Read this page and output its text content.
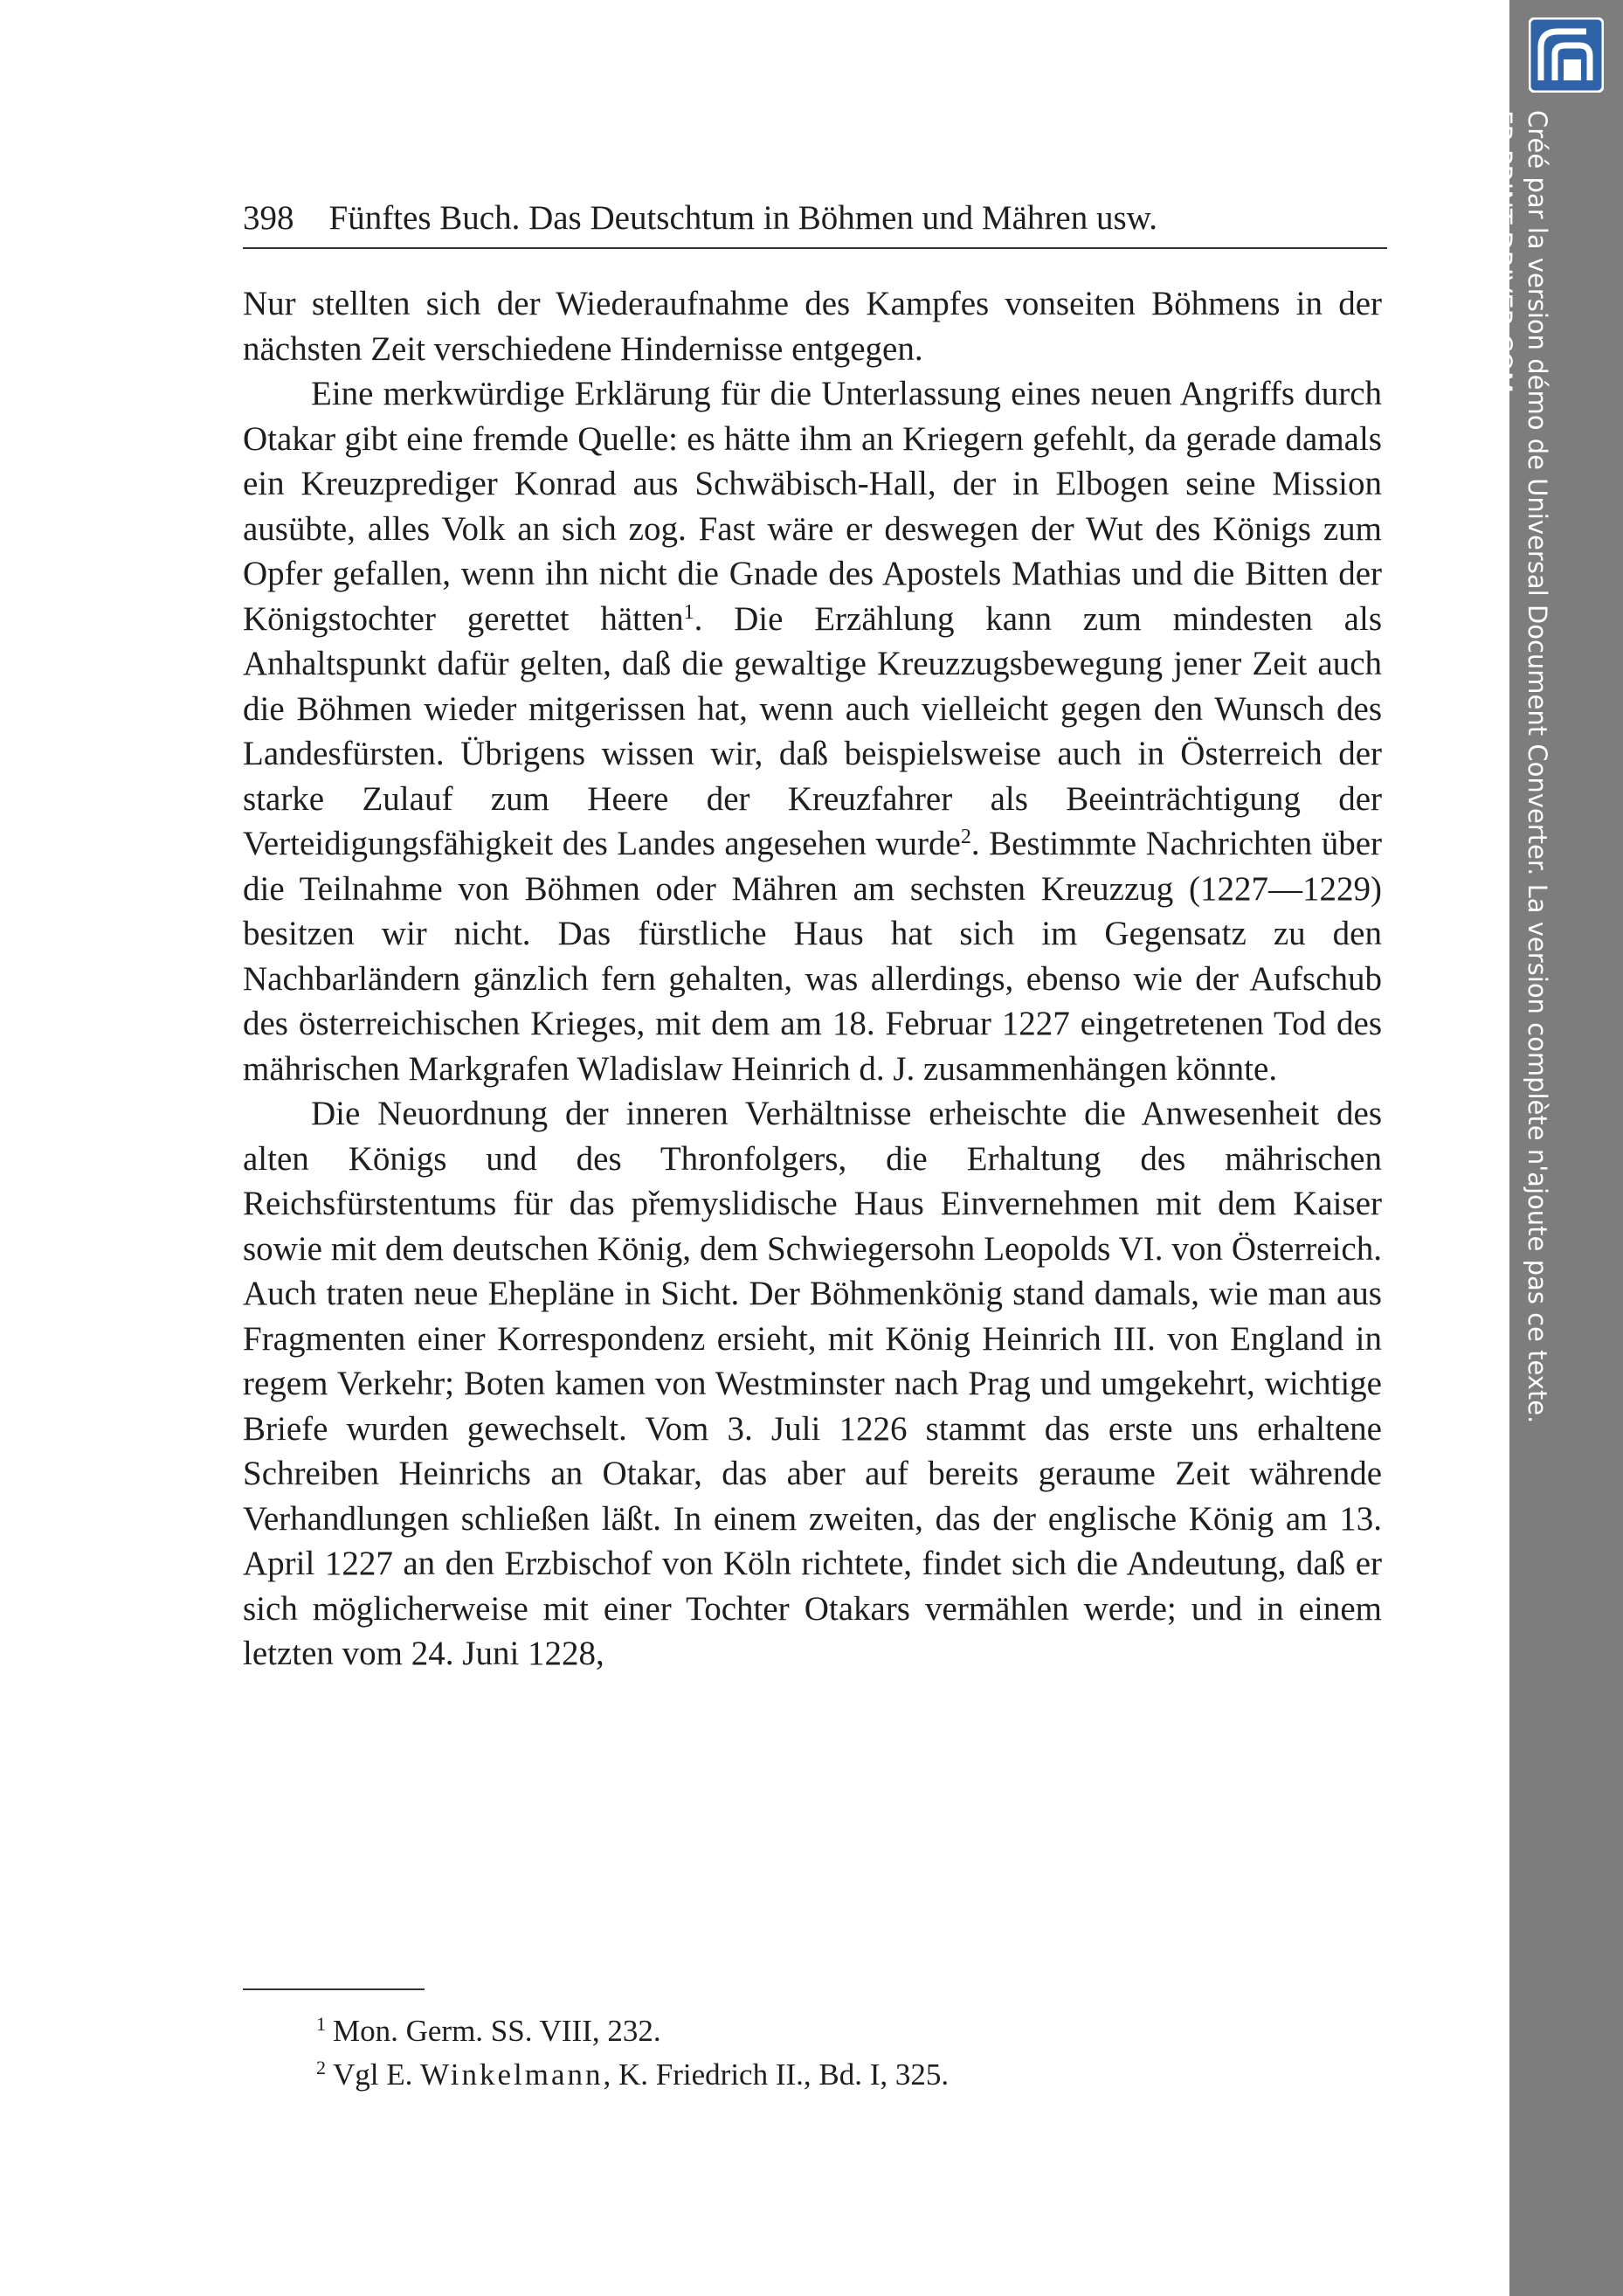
398 Fünftes Buch. Das Deutschtum in Böhmen und Mähren usw.

Nur stellten sich der Wiederaufnahme des Kampfes vonseiten Böhmens in der nächsten Zeit verschiedene Hindernisse entgegen.

Eine merkwürdige Erklärung für die Unterlassung eines neuen Angriffs durch Otakar gibt eine fremde Quelle: es hätte ihm an Kriegern gefehlt, da gerade damals ein Kreuzprediger Konrad aus Schwäbisch-Hall, der in Elbogen seine Mission ausübte, alles Volk an sich zog. Fast wäre er deswegen der Wut des Königs zum Opfer gefallen, wenn ihn nicht die Gnade des Apostels Mathias und die Bitten der Königstochter gerettet hätten$^1$. Die Erzählung kann zum mindesten als Anhaltspunkt dafür gelten, daß die gewaltige Kreuzzugsbewegung jener Zeit auch die Böhmen wieder mitgerissen hat, wenn auch vielleicht gegen den Wunsch des Landesfürsten. Übrigens wissen wir, daß beispielsweise auch in Österreich der starke Zulauf zum Heere der Kreuzfahrer als Beeinträchtigung der Verteidigungsfähigkeit des Landes angesehen wurde$^2$. Bestimmte Nachrichten über die Teilnahme von Böhmen oder Mähren am sechsten Kreuzzug (1227—1229) besitzen wir nicht. Das fürstliche Haus hat sich im Gegensatz zu den Nachbarländern gänzlich fern gehalten, was allerdings, ebenso wie der Aufschub des österreichischen Krieges, mit dem am 18. Februar 1227 eingetretenen Tod des mährischen Markgrafen Wladislaw Heinrich d. J. zusammenhängen könnte.

Die Neuordnung der inneren Verhältnisse erheischte die Anwesenheit des alten Königs und des Thronfolgers, die Erhaltung des mährischen Reichsfürstentums für das přemyslidische Haus Einvernehmen mit dem Kaiser sowie mit dem deutschen König, dem Schwiegersohn Leopolds VI. von Österreich. Auch traten neue Ehepläne in Sicht. Der Böhmenkönig stand damals, wie man aus Fragmenten einer Korrespondenz ersieht, mit König Heinrich III. von England in regem Verkehr; Boten kamen von Westminster nach Prag und umgekehrt, wichtige Briefe wurden gewechselt. Vom 3. Juli 1226 stammt das erste uns erhaltene Schreiben Heinrichs an Otakar, das aber auf bereits geraume Zeit währende Verhandlungen schließen läßt. In einem zweiten, das der englische König am 13. April 1227 an den Erzbischof von Köln richtete, findet sich die Andeutung, daß er sich möglicherweise mit einer Tochter Otakars vermählen werde; und in einem letzten vom 24. Juni 1228,

$^1$ Mon. Germ. SS. VIII, 232.
$^2$ Vgl E. Winkelmann, K. Friedrich II., Bd. I, 325.
Créé par la version démo de Universal Document Converter. La version complète n'ajoute pas ce texte.
FR.PRINT-DRIVER.COM
